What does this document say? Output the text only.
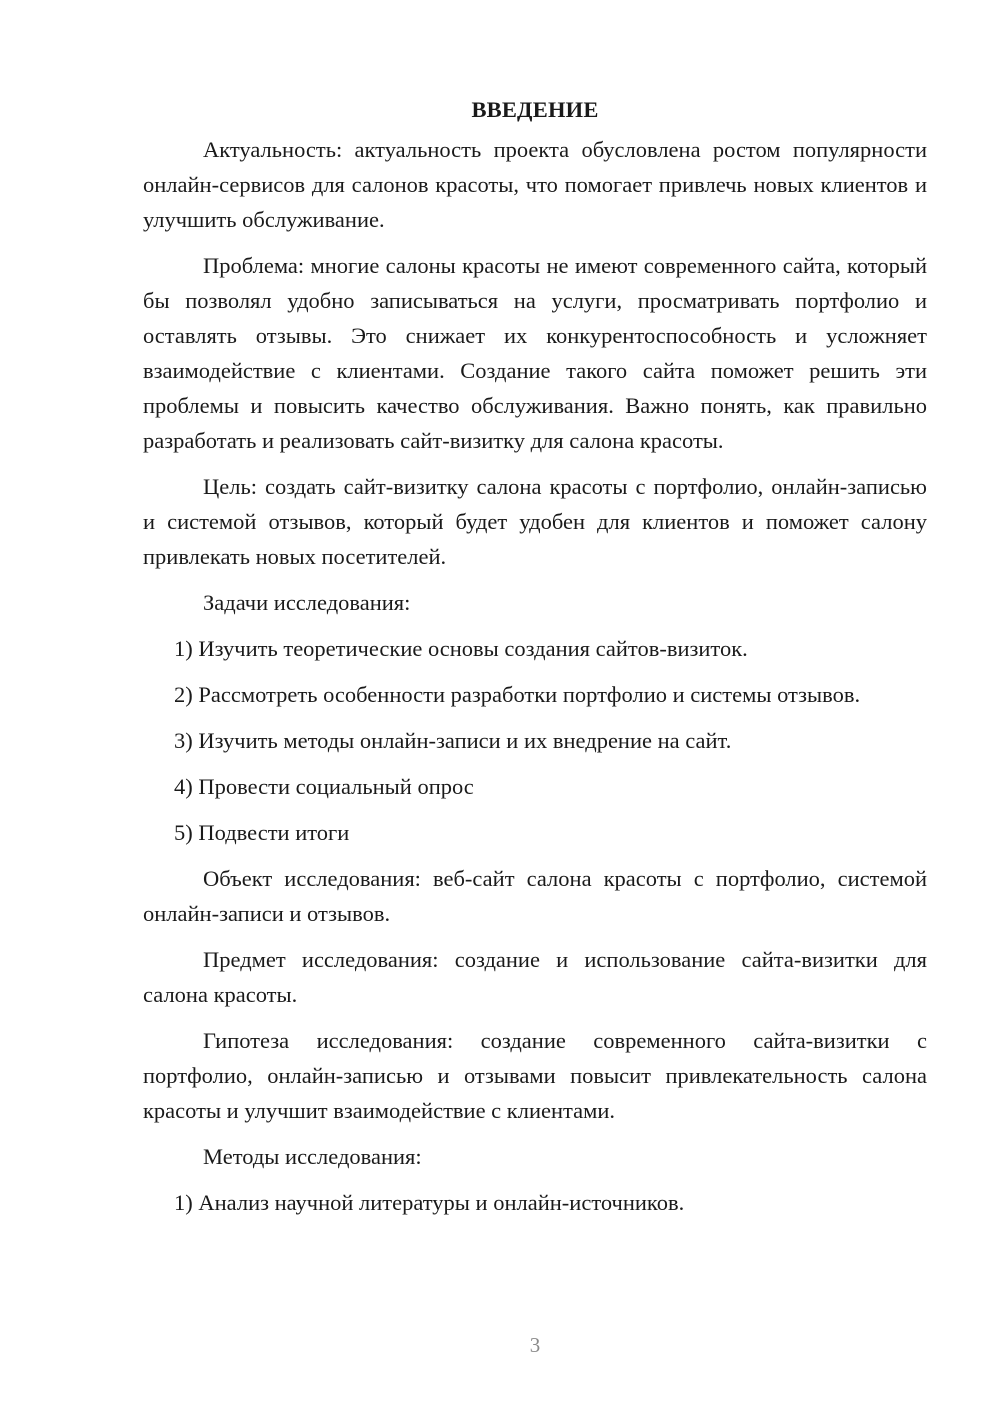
ВВЕДЕНИЕ

Актуальность: актуальность проекта обусловлена ростом популярности онлайн-сервисов для салонов красоты, что помогает привлечь новых клиентов и улучшить обслуживание.

Проблема: многие салоны красоты не имеют современного сайта, который бы позволял удобно записываться на услуги, просматривать портфолио и оставлять отзывы. Это снижает их конкурентоспособность и усложняет взаимодействие с клиентами. Создание такого сайта поможет решить эти проблемы и повысить качество обслуживания. Важно понять, как правильно разработать и реализовать сайт-визитку для салона красоты.

Цель: создать сайт-визитку салона красоты с портфолио, онлайн-записью и системой отзывов, который будет удобен для клиентов и поможет салону привлекать новых посетителей.

Задачи исследования:

1) Изучить теоретические основы создания сайтов-визиток.

2) Рассмотреть особенности разработки портфолио и системы отзывов.

3) Изучить методы онлайн-записи и их внедрение на сайт.

4) Провести социальный опрос

5) Подвести итоги

Объект исследования: веб-сайт салона красоты с портфолио, системой онлайн-записи и отзывов.

Предмет исследования: создание и использование сайта-визитки для салона красоты.

Гипотеза исследования: создание современного сайта-визитки с портфолио, онлайн-записью и отзывами повысит привлекательность салона красоты и улучшит взаимодействие с клиентами.

Методы исследования:

1) Анализ научной литературы и онлайн-источников.

3
